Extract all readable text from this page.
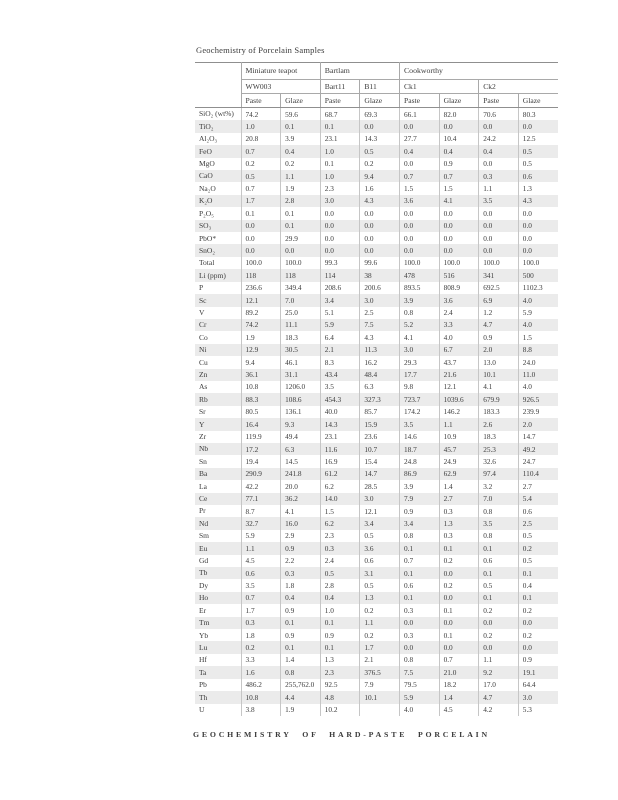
Geochemistry of Porcelain Samples
	Miniature teapot		Bartlam		Cookworthy			
	WW003		Bart11	B11	Ck1		Ck2	
	Paste	Glaze	Paste	Glaze	Paste	Glaze	Paste	Glaze
SiO₂ (wt%)	74.2	59.6	68.7	69.3	66.1	82.0	70.6	80.3
TiO₂	1.0	0.1	0.1	0.0	0.0	0.0	0.0	0.0
Al₂O₃	20.8	3.9	23.1	14.3	27.7	10.4	24.2	12.5
FeO	0.7	0.4	1.0	0.5	0.4	0.4	0.4	0.5
MgO	0.2	0.2	0.1	0.2	0.0	0.9	0.0	0.5
CaO	0.5	1.1	1.0	9.4	0.7	0.7	0.3	0.6
Na₂O	0.7	1.9	2.3	1.6	1.5	1.5	1.1	1.3
K₂O	1.7	2.8	3.0	4.3	3.6	4.1	3.5	4.3
P₂O₅	0.1	0.1	0.0	0.0	0.0	0.0	0.0	0.0
SO₃	0.0	0.1	0.0	0.0	0.0	0.0	0.0	0.0
PbO*	0.0	29.9	0.0	0.0	0.0	0.0	0.0	0.0
SnO₂	0.0	0.0	0.0	0.0	0.0	0.0	0.0	0.0
Total	100.0	100.0	99.3	99.6	100.0	100.0	100.0	100.0
Li (ppm)	118	118	114	38	478	516	341	500
P	236.6	349.4	208.6	200.6	893.5	808.9	692.5	1102.3
Sc	12.1	7.0	3.4	3.0	3.9	3.6	6.9	4.0
V	89.2	25.0	5.1	2.5	0.8	2.4	1.2	5.9
Cr	74.2	11.1	5.9	7.5	5.2	3.3	4.7	4.0
Co	1.9	18.3	6.4	4.3	4.1	4.0	0.9	1.5
Ni	12.9	30.5	2.1	11.3	3.0	6.7	2.0	8.8
Cu	9.4	46.1	8.3	16.2	29.3	43.7	13.0	24.0
Zn	36.1	31.1	43.4	48.4	17.7	21.6	10.1	11.0
As	10.8	1206.0	3.5	6.3	9.8	12.1	4.1	4.0
Rb	88.3	108.6	454.3	327.3	723.7	1039.6	679.9	926.5
Sr	80.5	136.1	40.0	85.7	174.2	146.2	183.3	239.9
Y	16.4	9.3	14.3	15.9	3.5	1.1	2.6	2.0
Zr	119.9	49.4	23.1	23.6	14.6	10.9	18.3	14.7
Nb	17.2	6.3	11.6	10.7	18.7	45.7	25.3	49.2
Sn	19.4	14.5	16.9	15.4	24.8	24.9	32.6	24.7
Ba	290.9	241.8	61.2	14.7	86.9	62.9	97.4	110.4
La	42.2	20.0	6.2	28.5	3.9	1.4	3.2	2.7
Ce	77.1	36.2	14.0	3.0	7.9	2.7	7.0	5.4
Pr	8.7	4.1	1.5	12.1	0.9	0.3	0.8	0.6
Nd	32.7	16.0	6.2	3.4	3.4	1.3	3.5	2.5
Sm	5.9	2.9	2.3	0.5	0.8	0.3	0.8	0.5
Eu	1.1	0.9	0.3	3.6	0.1	0.1	0.1	0.2
Gd	4.5	2.2	2.4	0.6	0.7	0.2	0.6	0.5
Tb	0.6	0.3	0.5	3.1	0.1	0.0	0.1	0.1
Dy	3.5	1.8	2.8	0.5	0.6	0.2	0.5	0.4
Ho	0.7	0.4	0.4	1.3	0.1	0.0	0.1	0.1
Er	1.7	0.9	1.0	0.2	0.3	0.1	0.2	0.2
Tm	0.3	0.1	0.1	1.1	0.0	0.0	0.0	0.0
Yb	1.8	0.9	0.9	0.2	0.3	0.1	0.2	0.2
Lu	0.2	0.1	0.1	1.7	0.0	0.0	0.0	0.0
Hf	3.3	1.4	1.3	2.1	0.8	0.7	1.1	0.9
Ta	1.6	0.8	2.3	376.5	7.5	21.0	9.2	19.1
Pb	486.2	255,762.0	92.5	7.9	79.5	18.2	17.0	64.4
Th	10.8	4.4	4.8	10.1	5.9	1.4	4.7	3.0
U	3.8	1.9	10.2		4.0	4.5	4.2	5.3
GEOCHEMISTRY OF HARD-PASTE PORCELAIN
